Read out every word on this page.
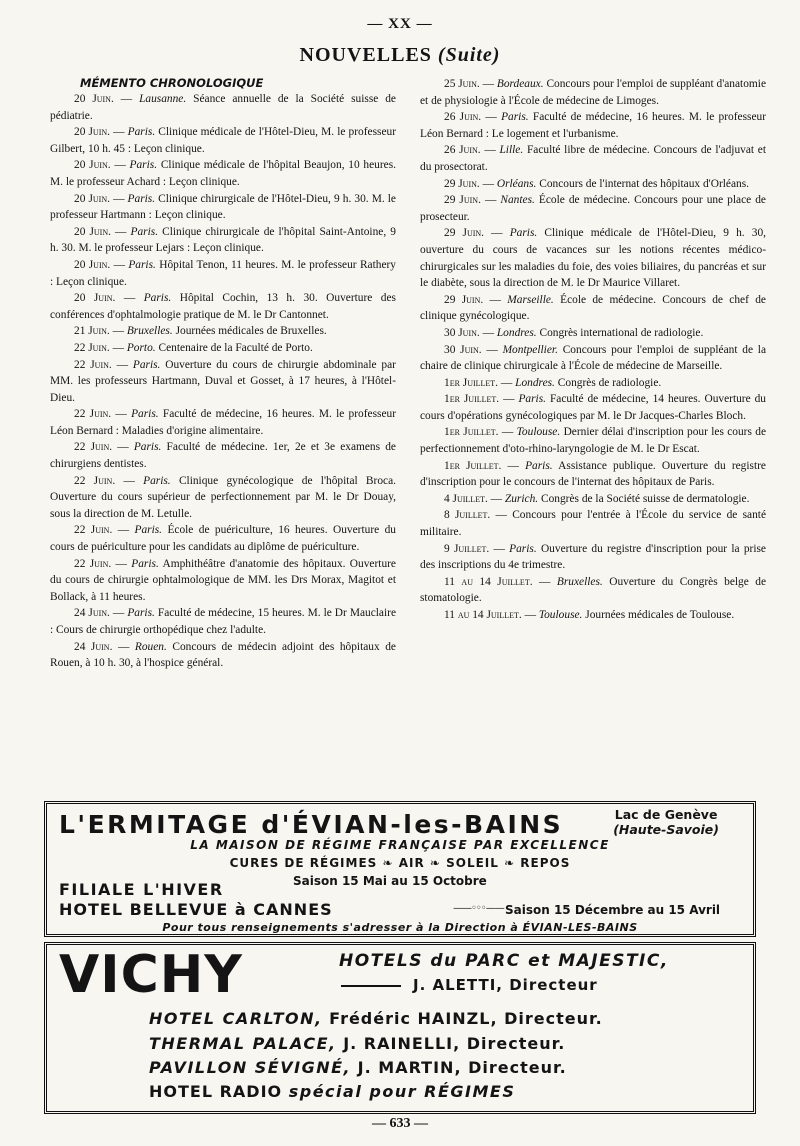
— XX —
NOUVELLES (Suite)
MÉMENTO CHRONOLOGIQUE

20 Juin. — Lausanne. Séance annuelle de la Société suisse de pédiatrie.

20 Juin. — Paris. Clinique médicale de l'Hôtel-Dieu, M. le professeur Gilbert, 10 h. 45 : Leçon clinique.

20 Juin. — Paris. Clinique médicale de l'hôpital Beaujon, 10 heures. M. le professeur Achard : Leçon clinique.

20 Juin. — Paris. Clinique chirurgicale de l'Hôtel-Dieu, 9 h. 30. M. le professeur Hartmann : Leçon clinique.

20 Juin. — Paris. Clinique chirurgicale de l'hôpital Saint-Antoine, 9 h. 30. M. le professeur Lejars : Leçon clinique.

20 Juin. — Paris. Hôpital Tenon, 11 heures. M. le professeur Rathery : Leçon clinique.

20 Juin. — Paris. Hôpital Cochin, 13 h. 30. Ouverture des conférences d'ophtalmologie pratique de M. le Dr Cantonnet.

21 Juin. — Bruxelles. Journées médicales de Bruxelles.

22 Juin. — Porto. Centenaire de la Faculté de Porto.

22 Juin. — Paris. Ouverture du cours de chirurgie abdominale par MM. les professeurs Hartmann, Duval et Gosset, à 17 heures, à l'Hôtel-Dieu.

22 Juin. — Paris. Faculté de médecine, 16 heures. M. le professeur Léon Bernard : Maladies d'origine alimentaire.

22 Juin. — Paris. Faculté de médecine. 1er, 2e et 3e examens de chirurgiens dentistes.

22 Juin. — Paris. Clinique gynécologique de l'hôpital Broca. Ouverture du cours supérieur de perfectionnement par M. le Dr Douay, sous la direction de M. Letulle.

22 Juin. — Paris. École de puériculture, 16 heures. Ouverture du cours de puériculture pour les candidats au diplôme de puériculture.

22 Juin. — Paris. Amphithéâtre d'anatomie des hôpitaux. Ouverture du cours de chirurgie ophtalmologique de MM. les Drs Morax, Magitot et Bollack, à 11 heures.

24 Juin. — Paris. Faculté de médecine, 15 heures. M. le Dr Mauclaire : Cours de chirurgie orthopédique chez l'adulte.

24 Juin. — Rouen. Concours de médecin adjoint des hôpitaux de Rouen, à 10 h. 30, à l'hospice général.

25 Juin. — Bordeaux. Concours pour l'emploi de suppléant d'anatomie et de physiologie à l'École de médecine de Limoges.

26 Juin. — Paris. Faculté de médecine, 16 heures. M. le professeur Léon Bernard : Le logement et l'urbanisme.

26 Juin. — Lille. Faculté libre de médecine. Concours de l'adjuvat et du prosectorat.

29 Juin. — Orléans. Concours de l'internat des hôpitaux d'Orléans.

29 Juin. — Nantes. École de médecine. Concours pour une place de prosecteur.

29 Juin. — Paris. Clinique médicale de l'Hôtel-Dieu, 9 h. 30, ouverture du cours de vacances sur les notions récentes médico-chirurgicales sur les maladies du foie, des voies biliaires, du pancréas et sur le diabète, sous la direction de M. le Dr Maurice Villaret.

29 Juin. — Marseille. École de médecine. Concours de chef de clinique gynécologique.

30 Juin. — Londres. Congrès international de radiologie.

30 Juin. — Montpellier. Concours pour l'emploi de suppléant de la chaire de clinique chirurgicale à l'École de médecine de Marseille.

1er Juillet. — Londres. Congrès de radiologie.

1er Juillet. — Paris. Faculté de médecine, 14 heures. Ouverture du cours d'opérations gynécologiques par M. le Dr Jacques-Charles Bloch.

1er Juillet. — Toulouse. Dernier délai d'inscription pour les cours de perfectionnement d'oto-rhino-laryngologie de M. le Dr Escat.

1er Juillet. — Paris. Assistance publique. Ouverture du registre d'inscription pour le concours de l'internat des hôpitaux de Paris.

4 Juillet. — Zurich. Congrès de la Société suisse de dermatologie.

8 Juillet. — Concours pour l'entrée à l'École du service de santé militaire.

9 Juillet. — Paris. Ouverture du registre d'inscription pour la prise des inscriptions du 4e trimestre.

11 au 14 Juillet. — Bruxelles. Ouverture du Congrès belge de stomatologie.

11 au 14 Juillet. — Toulouse. Journées médicales de Toulouse.

L'ERMITAGE d'ÉVIAN-les-BAINS	Lac de Genève
(Haute-Savoie)
LA MAISON DE RÉGIME FRANÇAISE PAR EXCELLENCE
CURES DE RÉGIMES ❧ AIR ❧ SOLEIL ❧ REPOS
FILIALE L'HIVER	Saison 15 Mai au 15 Octobre
HOTEL BELLEVUE à CANNES	——◦◦◦—— Saison 15 Décembre au 15 Avril
Pour tous renseignements s'adresser à la Direction à ÉVIAN-LES-BAINS
VICHY	HOTELS du PARC et MAJESTIC,
J. ALETTI, Directeur
HOTEL CARLTON, Frédéric HAINZL, Directeur.
THERMAL PALACE, J. RAINELLI, Directeur.
PAVILLON SÉVIGNÉ, J. MARTIN, Directeur.
HOTEL RADIO spécial pour RÉGIMES
— 633 —
